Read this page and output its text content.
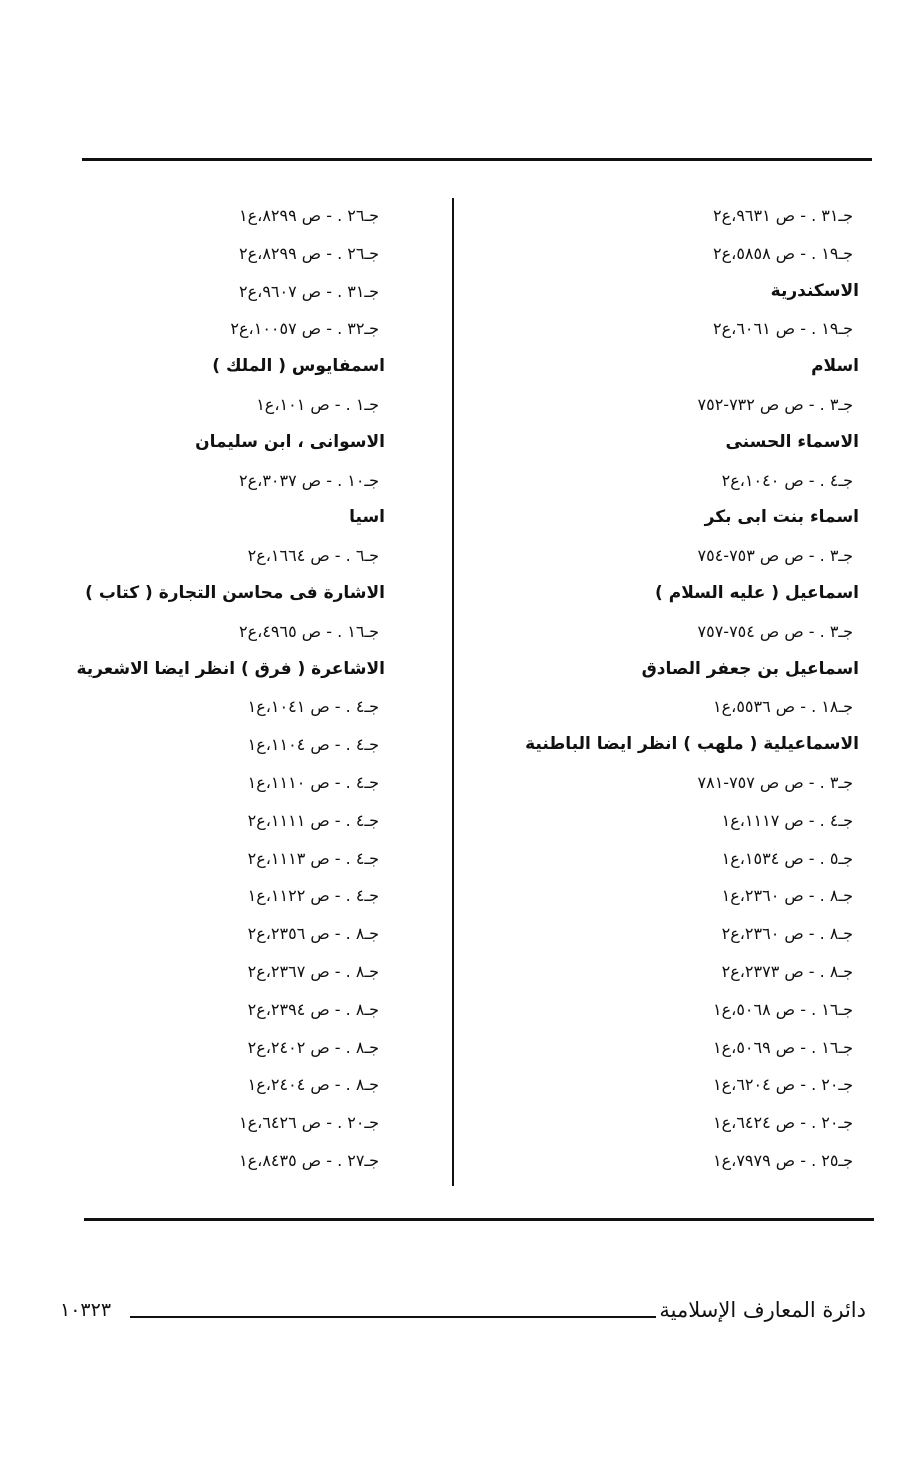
جـ٣١ . - ص ٩٦٣١،ع٢
جـ١٩ . - ص ٥٨٥٨،ع٢
الاسكندرية
جـ١٩ . - ص ٦٠٦١،ع٢
اسلام
جـ٣ . - ص ص ٧٣٢-٧٥٢
الاسماء الحسنى
جـ٤ . - ص ١٠٤٠،ع٢
اسماء بنت ابى بكر
جـ٣ . - ص ص ٧٥٣-٧٥٤
اسماعيل ( عليه السلام )
جـ٣ . - ص ص ٧٥٤-٧٥٧
اسماعيل بن جعفر الصادق
جـ١٨ . - ص ٥٥٣٦،ع١
الاسماعيلية ( ملهب ) انظر ايضا الباطنية
جـ٣ . - ص ص ٧٥٧-٧٨١
جـ٤ . - ص ١١١٧،ع١
جـ٥ . - ص ١٥٣٤،ع١
جـ٨ . - ص ٢٣٦٠،ع١
جـ٨ . - ص ٢٣٦٠،ع٢
جـ٨ . - ص ٢٣٧٣،ع٢
جـ١٦ . - ص ٥٠٦٨،ع١
جـ١٦ . - ص ٥٠٦٩،ع١
جـ٢٠ . - ص ٦٢٠٤،ع١
جـ٢٠ . - ص ٦٤٢٤،ع١
جـ٢٥ . - ص ٧٩٧٩،ع١
جـ٢٦ . - ص ٨٢٩٩،ع١
جـ٢٦ . - ص ٨٢٩٩،ع٢
جـ٣١ . - ص ٩٦٠٧،ع٢
جـ٣٢ . - ص ١٠٠٥٧،ع٢
اسمفايوس ( الملك )
جـ١ . - ص ١٠١،ع١
الاسوانى ، ابن سليمان
جـ١٠ . - ص ٣٠٣٧،ع٢
اسيا
جـ٦ . - ص ١٦٦٤،ع٢
الاشارة فى محاسن التجارة ( كتاب )
جـ١٦ . - ص ٤٩٦٥،ع٢
الاشاعرة ( فرق ) انظر ايضا الاشعرية
جـ٤ . - ص ١٠٤١،ع١
جـ٤ . - ص ١١٠٤،ع١
جـ٤ . - ص ١١١٠،ع١
جـ٤ . - ص ١١١١،ع٢
جـ٤ . - ص ١١١٣،ع٢
جـ٤ . - ص ١١٢٢،ع١
جـ٨ . - ص ٢٣٥٦،ع٢
جـ٨ . - ص ٢٣٦٧،ع٢
جـ٨ . - ص ٢٣٩٤،ع٢
جـ٨ . - ص ٢٤٠٢،ع٢
جـ٨ . - ص ٢٤٠٤،ع١
جـ٢٠ . - ص ٦٤٢٦،ع١
جـ٢٧ . - ص ٨٤٣٥،ع١
دائرة المعارف الإسلامية
١٠٣٢٣
